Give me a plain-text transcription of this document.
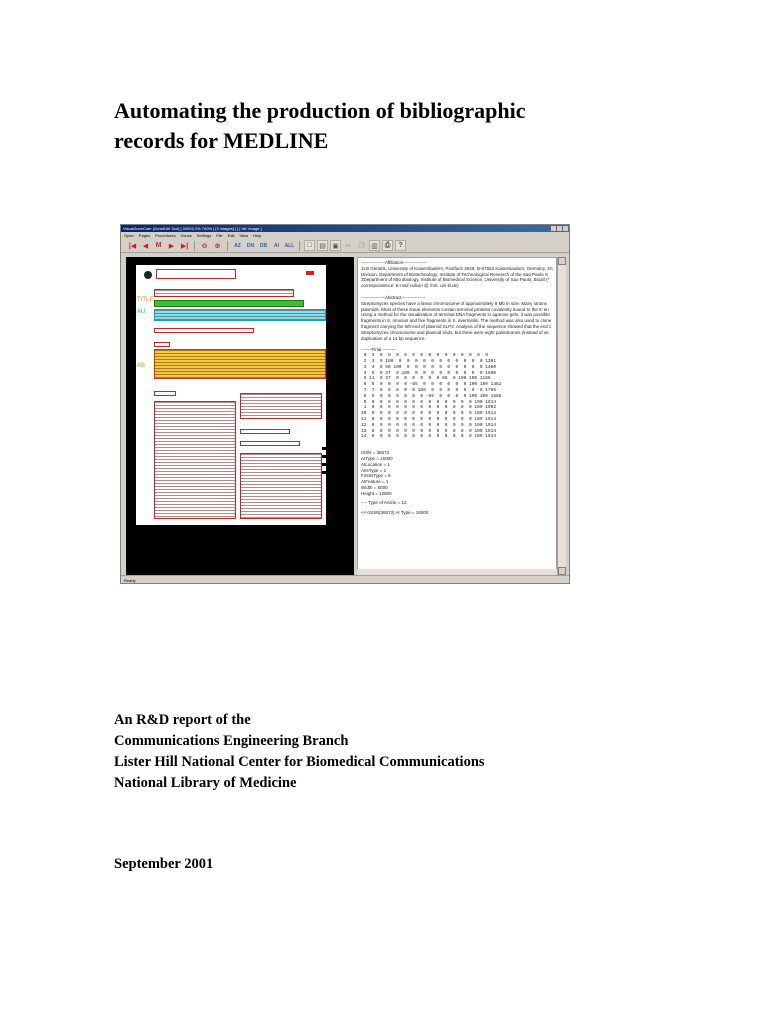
Automating the production of bibliographic
records for MEDLINE
VisualZoneCuer [ZoneEdit Tool] [ 00003.1% 700% ] [3 images] [ ] [ ref. image ]
Open Pages Procedures Zones Settings File Edit View Help
|◀ ◀	M	▶ ▶|	⊖	⊕	AZ	DN	DB	AI	ALL	□	▤ ▣ ✂ ❐ ▥ ⎙	?
TITLE
AU
AB

----------------Affiliation----------------

1LB Genetik, University of Kaiserslautern, Postfach 3049, D-67653 Kaiserslautern, Germany. 2C

Division, Department of Biotechnology, Institute of Technological Research of the Sao Paulo S

3Department of Microbiology, Institute of Biomedical Science, University of Sao Paulo, Brazil (*

correspondence: E-mail cullum @ rhrk. uni-kl.de)

----------------Abstract----------------

Streptomyces species have a linear chromosome of approximately 8 Mb in size. Many strains

plasmids. Most of these linear elements contain terminal proteins covalently bound to the 5' en

Using a method for the visualisation of terminal DNA fragments in agarose gels, it was possible

fragments in S. rimosus and five fragments in S. avermitilis. The method was also used to clone

fragment carrying the left-end of plasmid SLP2. Analysis of the sequence showed that the end c

Streptomyces chromosome and plasmid ends, but there were eight palindromes (instead of se

duplication of a 14 bp sequence.

-------Final ---------

0  3  0  8  0  6  0  0  0  0  0  0  0  0  0  0

2  3  0 100  0  0  0  0  0  0  0  0  0  0  0 1301

3  4  0 50 100  0  0  0  0  0  0  0  0  0  0 1480

4  5  0 37  0 100  0  0  0  0  0  0  0  0  0 1580

5 11  0 37  0  0  0  0  0  0 88  0 100 100 1158

6  6  0  0  0  0 -85  0  0  0  0  0  0 100 100 1482

7  7  0  0  0  0  0 100  0  0  0  0  0  0  0 1705

8  5  0  0  0  0  0  0 -85  0  0  0  0 100 100 1588

9  0  0  0  0  0  0  0  0  0  0  0  0  0 100 1914

1  0  0  0  0  0  0  0  0  0  0  0  0  0 100 1002

10  0  0  0  0  0  0  0  0  0  0  0  0  0 100 1914

11  0  0  0  0  0  0  0  0  0  0  0  0  0 100 1914

12  0  0  0  0  0  0  0  0  0  0  0  0  0 100 1914

13  0  0  0  0  0  0  0  0  0  0  0  0  0 100 1914

14  0  0  0  0  0  0  0  0  0  0  0  0  0 100 1914

ISSN = 36072

AIType = 16000

AILocation = 1

AIIsType = 1

FirstIsType = 6

AIFeature = 1

Width = 5000

Height = 12800

---- Type of Article = 12

<<<ISSN[36072] AI Type = 16000

Ready
An R&D report of the
Communications Engineering Branch
Lister Hill National Center for Biomedical Communications
National Library of Medicine
September 2001
